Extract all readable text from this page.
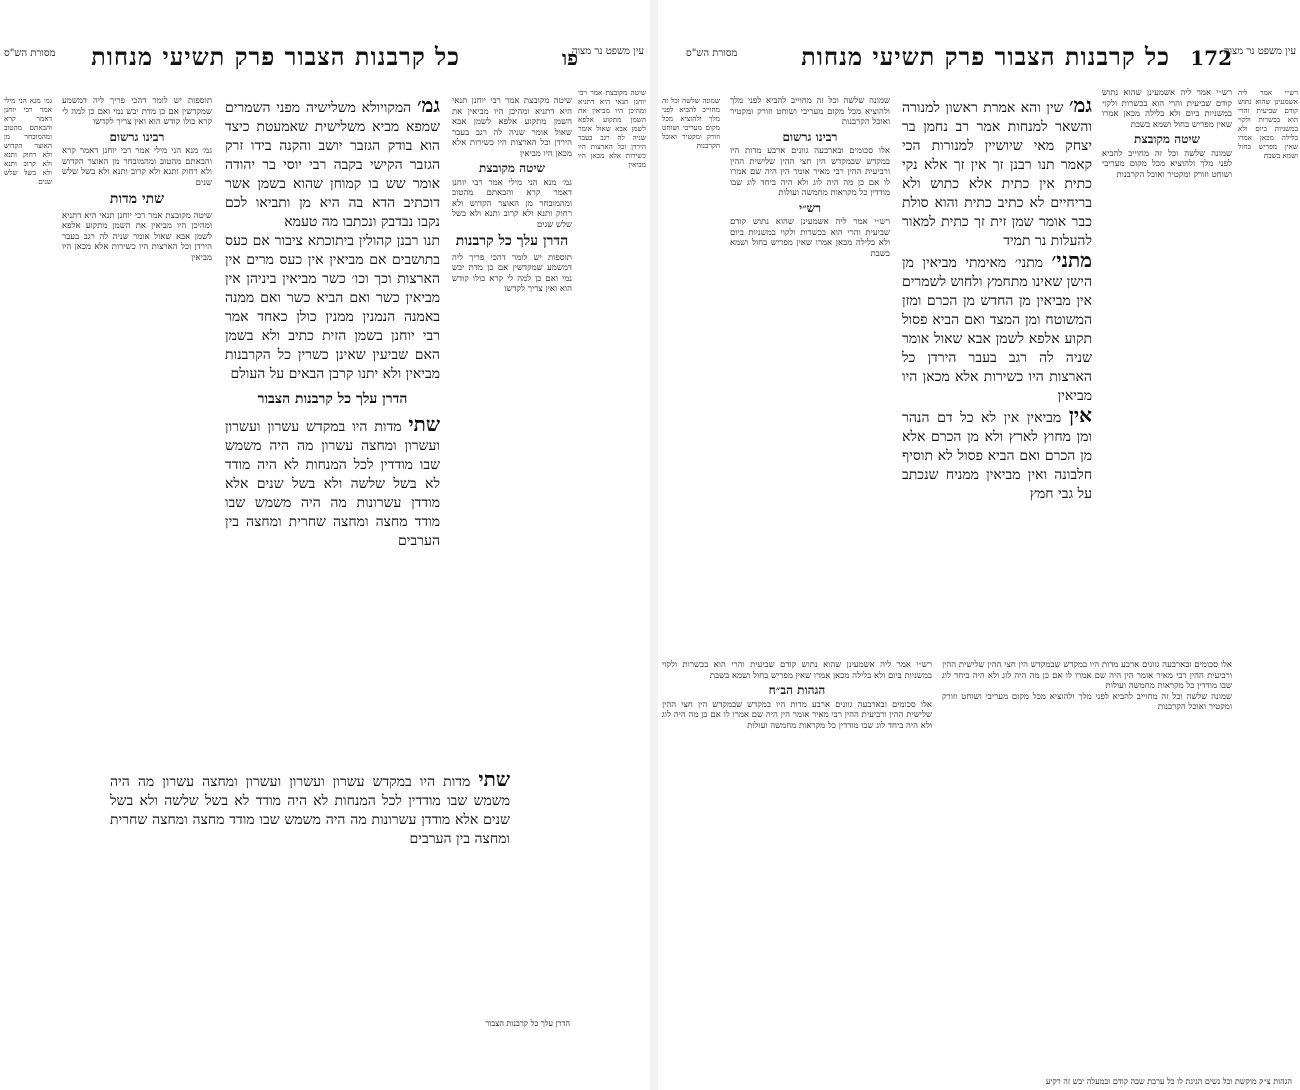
עין משפט נר מצוה
פו
כל קרבנות הצבור פרק תשיעי מנחות
מסורת הש"ס

שיטה מקובצת אמר רבי יוחנן תנאי היא דתניא ומהיכן היו מביאין את השמן מתקוע אלפא לשמן אבא שאול אומר שניה לה רגב בעבר הירדן וכל הארצות היו כשירות אלא מכאן היו מביאין

שיטה מקובצת אמר רבי יוחנן תנאי היא דתניא ומהיכן היו מביאין את השמן מתקוע אלפא לשמן אבא שאול אומר שניה לה רגב בעבר הירדן וכל הארצות היו כשירות אלא מכאן היו מביאין

שיטה מקובצת

גמ׳ מנא הני מילי אמר רבי יוחנן דאמר קרא והבאתם מהטוב ומהמובחר מן האוצר הקדוש ולא רחוק ותנא ולא קרוב ותנא ולא בשל שלש שנים

הדרן עלך כל קרבנות

תוספות יש לומר דהכי פריך ליה דמשמע שמקדשין אם כן מדת יבש נמי ואם כן למה לי קרא כולו קודש הוא ואין צריך לקדשו

גמ׳ המקויולא משלישיה מפני השמרים שמפא מביא משלישית שאמעטת כיצד הוא בודק הגזבר יושב והקנה בידו זרק הגזבר הקישי בקבה רבי יוסי בר יהודה אומר שש בו קמוחן שהוא בשמן אשר דוכתיב הדא בה היא מן ותביאו לכם נקבו נבדבק ונכתבו מה טעמא

תנו רבנן קהולין ביתוכתא ציבור אם כעס בתושבים אם מביאין אין כעס מרים אין הארצות וכך וכו׳ כשר מביאין ביניהן אין מביאין כשר ואם הביא כשר ואם ממנה באמנה הנמנין ממנין כולן כאחד אמר רבי יוחנן בשמן הזית כתיב ולא בשמן האם שביעין שאינן כשרין כל הקרבנות מביאין ולא יתנו קרבן הבאים על העולם

הדרן עלך כל קרבנות הצבור

שתי מדות היו במקדש עשרון ועשרון ועשרון ומחצה עשרון מה היה משמש שבו מודדין לכל המנחות לא היה מודד לא בשל שלשה ולא בשל שנים אלא מודדן עשרונות מה היה משמש שבו מודד מחצה ומחצה שחרית ומחצה בין הערבים

תוספות יש לומר דהכי פריך ליה דמשמע שמקדשין אם כן מדת יבש נמי ואם כן למה לי קרא כולו קודש הוא ואין צריך לקדשו

רבינו גרשום

גמ׳ מנא הני מילי אמר רבי יוחנן דאמר קרא והבאתם מהטוב ומהמובחר מן האוצר הקדוש ולא רחוק ותנא ולא קרוב ותנא ולא בשל שלש שנים

שתי מדות

שיטה מקובצת אמר רבי יוחנן תנאי היא דתניא ומהיכן היו מביאין את השמן מתקוע אלפא לשמן אבא שאול אומר שניה לה רגב בעבר הירדן וכל הארצות היו כשירות אלא מכאן היו מביאין

גמ׳ מנא הני מילי אמר רבי יוחנן דאמר קרא והבאתם מהטוב ומהמובחר מן האוצר הקדוש ולא רחוק ותנא ולא קרוב ותנא ולא בשל שלש שנים

שתי מדות היו במקדש עשרון ועשרון ועשרון ומחצה עשרון מה היה משמש שבו מודדין לכל המנחות לא היה מודד לא בשל שלשה ולא בשל שנים אלא מודדן עשרונות מה היה משמש שבו מודד מחצה ומחצה שחרית ומחצה בין הערבים

הדרן עלך כל קרבנות הצבור
עין משפט נר מצוה
172
כל קרבנות הצבור פרק תשיעי מנחות
מסורת הש"ס

רש״י אמר ליה אשמעינן שהוא נתוש קודם שביעית והרי הוא בכשרות ולקוי במשניות ביום ולא בלילה מכאן אמרו שאין מפריש בחול ושמא בשבת

רש״י אמר ליה אשמעינן שהוא נתוש קודם שביעית והרי הוא בכשרות ולקוי במשניות ביום ולא בלילה מכאן אמרו שאין מפריש בחול ושמא בשבת

שיטה מקובצת

שמונה שלשה וכל זה מחוייב להביא לפני מלך ולהוציא מכל מקום מעריבי ושוחט וזורק ומקטיר ואוכל הקרבנות

גמ׳ שין והא אמרת ראשון למנורה והשאר למנחות אמר רב נחמן בר יצחק מאי שיושיין למנורות הכי קאמר תנו רבנן זך אין זך אלא נקי כתית אין כתית אלא כתוש ולא בריחיים לא כתיב כתית והוא סולת כבר אומר שמן זית זך כתית למאור להעלות נר תמיד

מתני׳ מתני׳ מאימתי מביאין מן הישן שאינו מתחמץ ולחוש לשמרים אין מביאין מן החדש מן הכרם ומזן המשוטח ומן המצד ואם הביא פסול תקוע אלפא לשמן אבא שאול אומר שניה לה רגב בעבר הירדן כל הארצות היו כשירות אלא מכאן היו מביאין

אין מביאין אין לא כל דם הנהר ומן מחוץ לארץ ולא מן הכרם אלא מן הכרם ואם הביא פסול לא תוסיף חלבונה ואין מביאין ממניח שנכתב על גבי חמץ

שמונה שלשה וכל זה מחוייב להביא לפני מלך ולהוציא מכל מקום מעריבי ושוחט וזורק ומקטיר ואוכל הקרבנות

רבינו גרשום

אלו סכומים ובארבעה גוונים ארבע מדות היו במקדש שבמקדש הין חצי ההין שלישית ההין ורביעית ההין רבי מאיר אומר הין היה שם אמרו לו אם כן מה היה לוג ולא היה ביחד לוג שבו מודדין כל מקראות מחמשה ועולות

רש״י

רש״י אמר ליה אשמעינן שהוא נתוש קודם שביעית והרי הוא בכשרות ולקוי במשניות ביום ולא בלילה מכאן אמרו שאין מפריש בחול ושמא בשבת

שמונה שלשה וכל זה מחוייב להביא לפני מלך ולהוציא מכל מקום מעריבי ושוחט וזורק ומקטיר ואוכל הקרבנות

אלו סכומים ובארבעה גוונים ארבע מדות היו במקדש שבמקדש הין חצי ההין שלישית ההין ורביעית ההין רבי מאיר אומר הין היה שם אמרו לו אם כן מה היה לוג ולא היה ביחד לוג שבו מודדין כל מקראות מחמשה ועולות

שמונה שלשה וכל זה מחוייב להביא לפני מלך ולהוציא מכל מקום מעריבי ושוחט וזורק ומקטיר ואוכל הקרבנות

רש״י אמר ליה אשמעינן שהוא נתוש קודם שביעית והרי הוא בכשרות ולקוי במשניות ביום ולא בלילה מכאן אמרו שאין מפריש בחול ושמא בשבת

הגהות הב״ח

אלו סכומים ובארבעה גוונים ארבע מדות היו במקדש שבמקדש הין חצי ההין שלישית ההין ורביעית ההין רבי מאיר אומר הין היה שם אמרו לו אם כן מה היה לוג ולא היה ביחד לוג שבו מודדין כל מקראות מחמשה ועולות

הגהות צ״ק מוקשת וכל נשים הגיגת לו כל ערבת שבה קודם ובמעלה יבש זה רקיע
